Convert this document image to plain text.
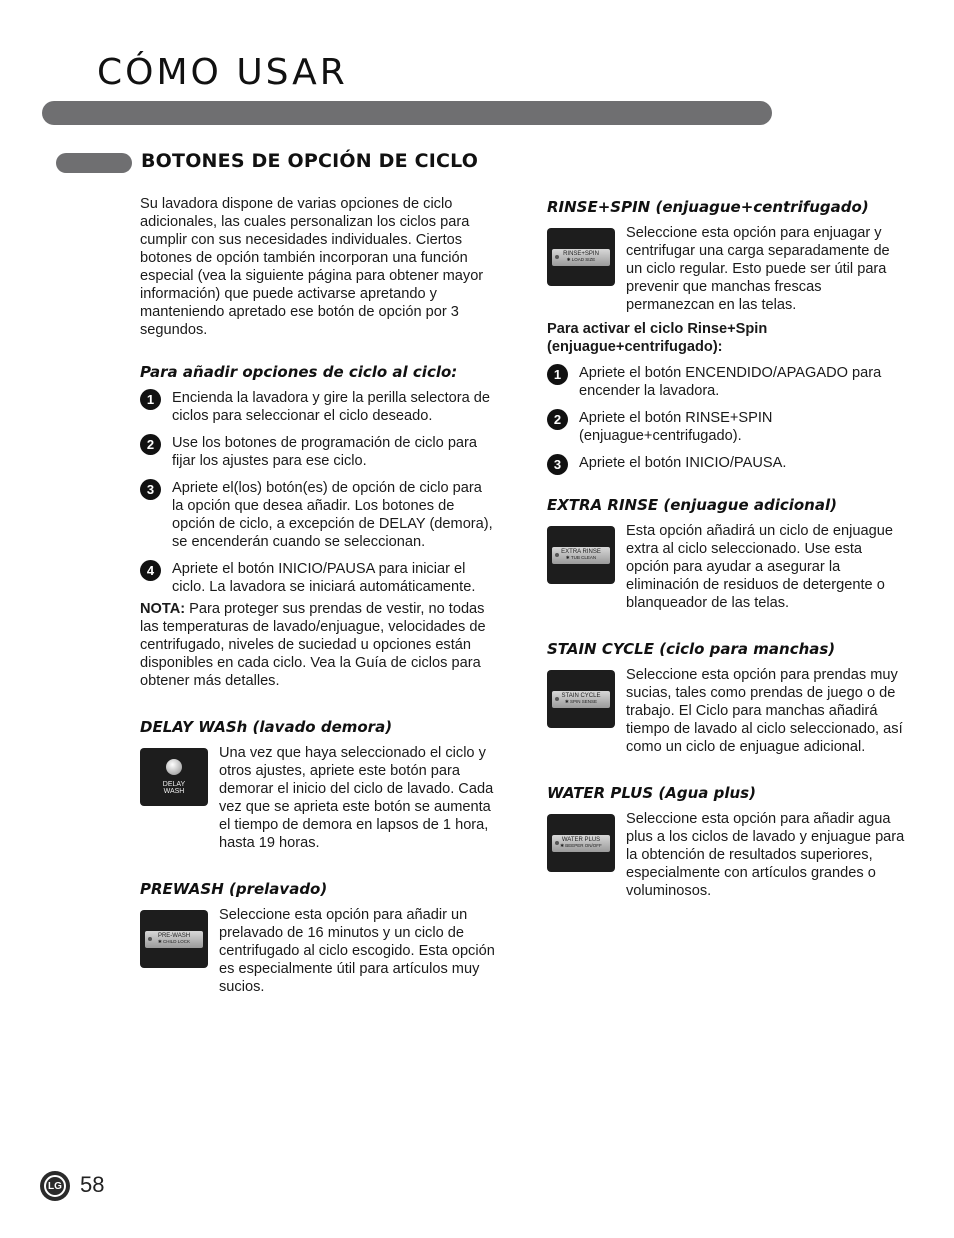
CÓMO USAR
BOTONES DE OPCIÓN DE CICLO

Su lavadora dispone de varias opciones de ciclo adicionales, las cuales personalizan los ciclos para cumplir con sus necesidades individuales. Ciertos botones de opción también incorporan una función especial (vea la siguiente página para obtener mayor información) que puede activarse apretando y manteniendo apretado ese botón de opción por 3 segundos.

Para añadir opciones de ciclo al ciclo:

1	Encienda la lavadora y gire la perilla selectora de ciclos para seleccionar el ciclo deseado.

2	Use los botones de programación de ciclo para fijar los ajustes para ese ciclo.

3	Apriete el(los) botón(es) de opción de ciclo para la opción que desea añadir. Los botones de opción de ciclo, a excepción de DELAY (demora), se encenderán cuando se seleccionan.

4	Apriete el botón INICIO/PAUSA para iniciar el ciclo. La lavadora se iniciará automáticamente.

NOTA: Para proteger sus prendas de vestir, no todas las temperaturas de lavado/enjuague, velocidades de centrifugado, niveles de suciedad u opciones están disponibles en cada ciclo. Vea la Guía de ciclos para obtener más detalles.

DELAY WASh (lavado demora)

DELAY
WASH

Una vez que haya seleccionado el ciclo y otros ajustes, apriete este botón para demorar el inicio del ciclo de lavado. Cada vez que se aprieta este botón se aumenta el tiempo de demora en lapsos de 1 hora, hasta 19 horas.

PREWASH (prelavado)

PRE-WASH
✱ CHILD LOCK

Seleccione esta opción para añadir un prelavado de 16 minutos y un ciclo de centrifugado al ciclo escogido. Esta opción es especialmente útil para artículos muy sucios.

RINSE+SPIN (enjuague+centrifugado)

RINSE+SPIN
✱ LOAD SIZE

Seleccione esta opción para enjuagar y centrifugar una carga separadamente de un ciclo regular. Esto puede ser útil para prevenir que manchas frescas permanezcan en las telas.

Para activar el ciclo Rinse+Spin (enjuague+centrifugado):

1	Apriete el botón ENCENDIDO/APAGADO para encender la lavadora.

2	Apriete el botón RINSE+SPIN (enjuague+centrifugado).

3	Apriete el botón INICIO/PAUSA.

EXTRA RINSE (enjuague adicional)

EXTRA RINSE
✱ TUB CLEAN

Esta opción añadirá un ciclo de enjuague extra al ciclo seleccionado. Use esta opción para ayudar a asegurar la eliminación de residuos de detergente o blanqueador de las telas.

STAIN CYCLE (ciclo para manchas)

STAIN CYCLE
✱ SPIN SENSE

Seleccione esta opción para prendas muy sucias, tales como prendas de juego o de trabajo. El Ciclo para manchas añadirá tiempo de lavado al ciclo seleccionado, así como un ciclo de enjuague adicional.

WATER PLUS (Agua plus)

WATER PLUS
✱ BEEPER ON/OFF

Seleccione esta opción para añadir agua plus a los ciclos de lavado y enjuague para la obtención de resultados superiores, especialmente con artículos grandes o voluminosos.

LG 58
